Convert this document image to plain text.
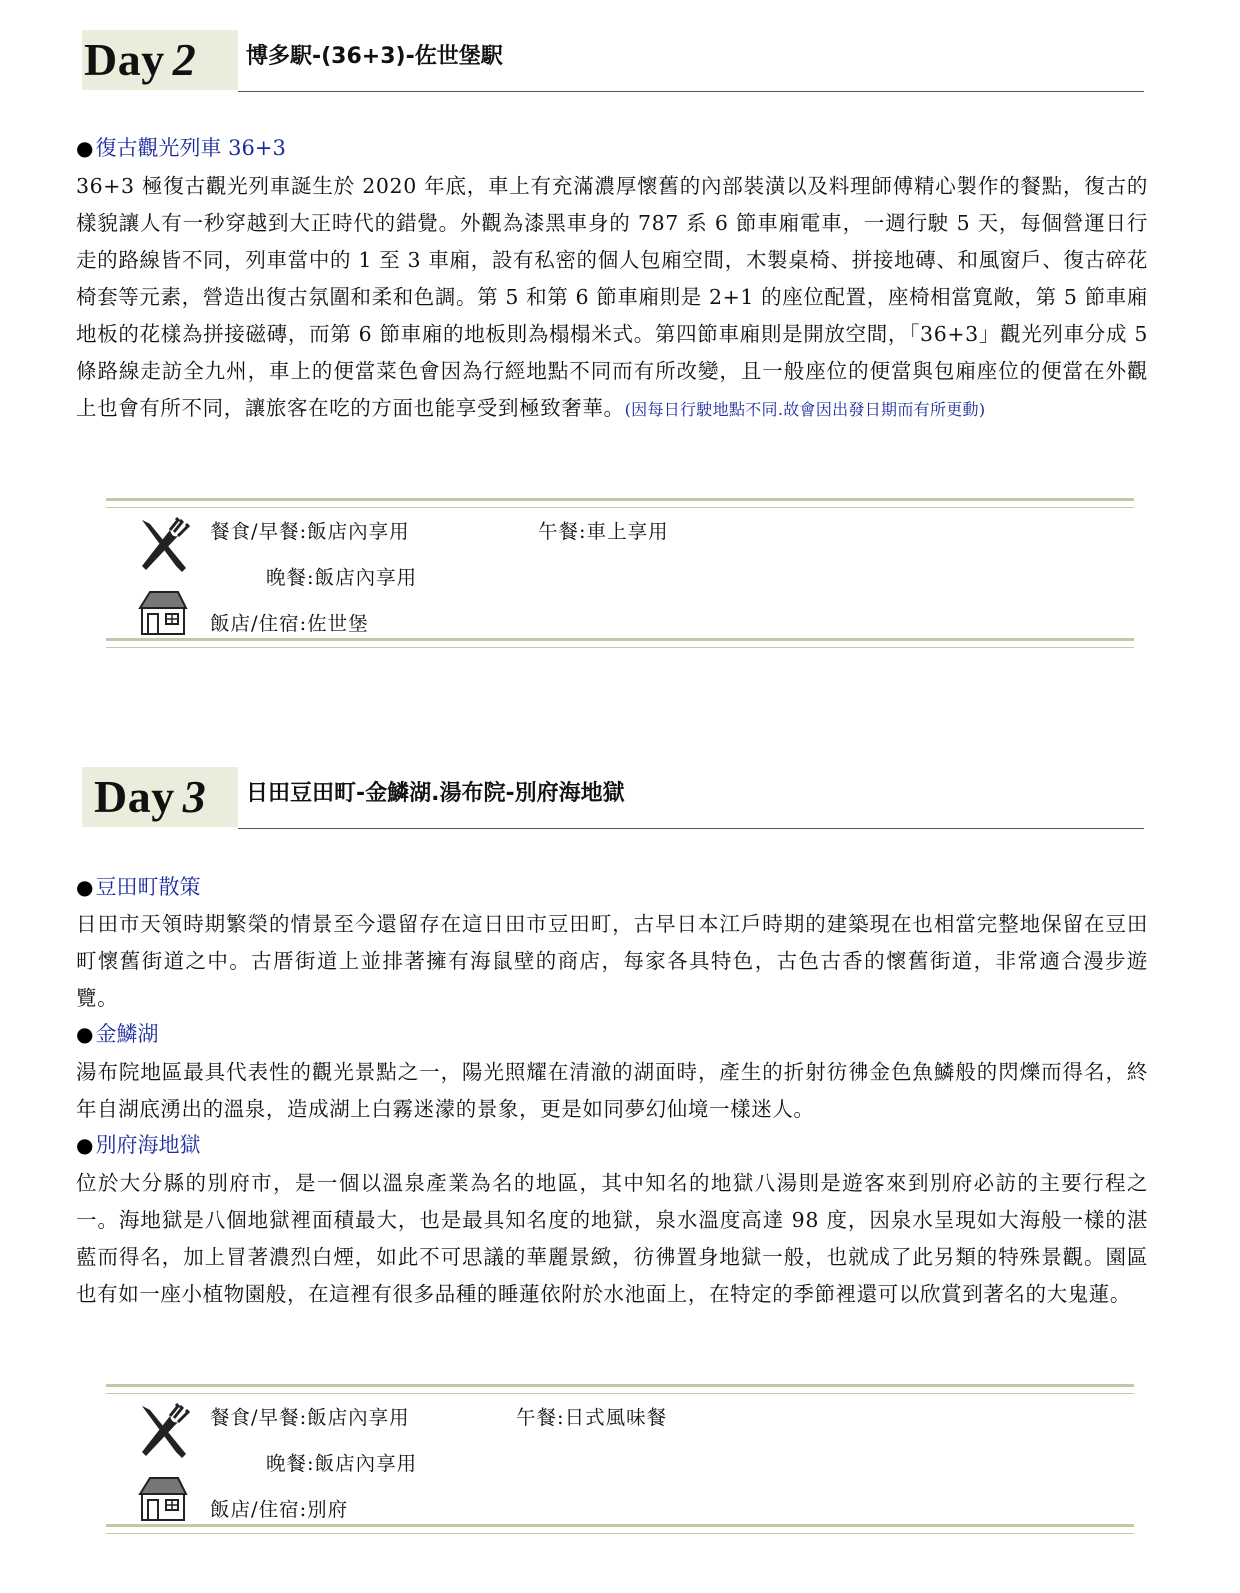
Day 2	博多駅-(36+3)-佐世堡駅
●復古觀光列車 36+3

36+3 極復古觀光列車誕生於 2020 年底，車上有充滿濃厚懷舊的內部裝潢以及料理師傅精心製作的餐點，復古的樣貌讓人有一秒穿越到大正時代的錯覺。外觀為漆黑車身的 787 系 6 節車廂電車，一週行駛 5 天，每個營運日行走的路線皆不同，列車當中的 1 至 3 車廂，設有私密的個人包廂空間，木製桌椅、拼接地磚、和風窗戶、復古碎花椅套等元素，營造出復古氛圍和柔和色調。第 5 和第 6 節車廂則是 2+1 的座位配置，座椅相當寬敞，第 5 節車廂地板的花樣為拼接磁磚，而第 6 節車廂的地板則為榻榻米式。第四節車廂則是開放空間，「36+3」觀光列車分成 5 條路線走訪全九州，車上的便當菜色會因為行經地點不同而有所改變，且一般座位的便當與包廂座位的便當在外觀上也會有所不同，讓旅客在吃的方面也能享受到極致奢華。(因每日行駛地點不同.故會因出發日期而有所更動)

餐食/早餐:飯店內享用	午餐:車上享用
晚餐:飯店內享用
飯店/住宿:佐世堡
Day 3	日田豆田町-金鱗湖.湯布院-別府海地獄
●豆田町散策

日田市天領時期繁榮的情景至今還留存在這日田市豆田町，古早日本江戶時期的建築現在也相當完整地保留在豆田町懷舊街道之中。古厝街道上並排著擁有海鼠壁的商店，每家各具特色，古色古香的懷舊街道，非常適合漫步遊覽。

●金鱗湖

湯布院地區最具代表性的觀光景點之一，陽光照耀在清澈的湖面時，產生的折射彷彿金色魚鱗般的閃爍而得名，終年自湖底湧出的溫泉，造成湖上白霧迷濛的景象，更是如同夢幻仙境一樣迷人。

●別府海地獄

位於大分縣的別府市，是一個以溫泉產業為名的地區，其中知名的地獄八湯則是遊客來到別府必訪的主要行程之一。海地獄是八個地獄裡面積最大，也是最具知名度的地獄，泉水溫度高達 98 度，因泉水呈現如大海般一樣的湛藍而得名，加上冒著濃烈白煙，如此不可思議的華麗景緻，彷彿置身地獄一般，也就成了此另類的特殊景觀。園區也有如一座小植物園般，在這裡有很多品種的睡蓮依附於水池面上，在特定的季節裡還可以欣賞到著名的大鬼蓮。

餐食/早餐:飯店內享用	午餐:日式風味餐
晚餐:飯店內享用
飯店/住宿:別府
